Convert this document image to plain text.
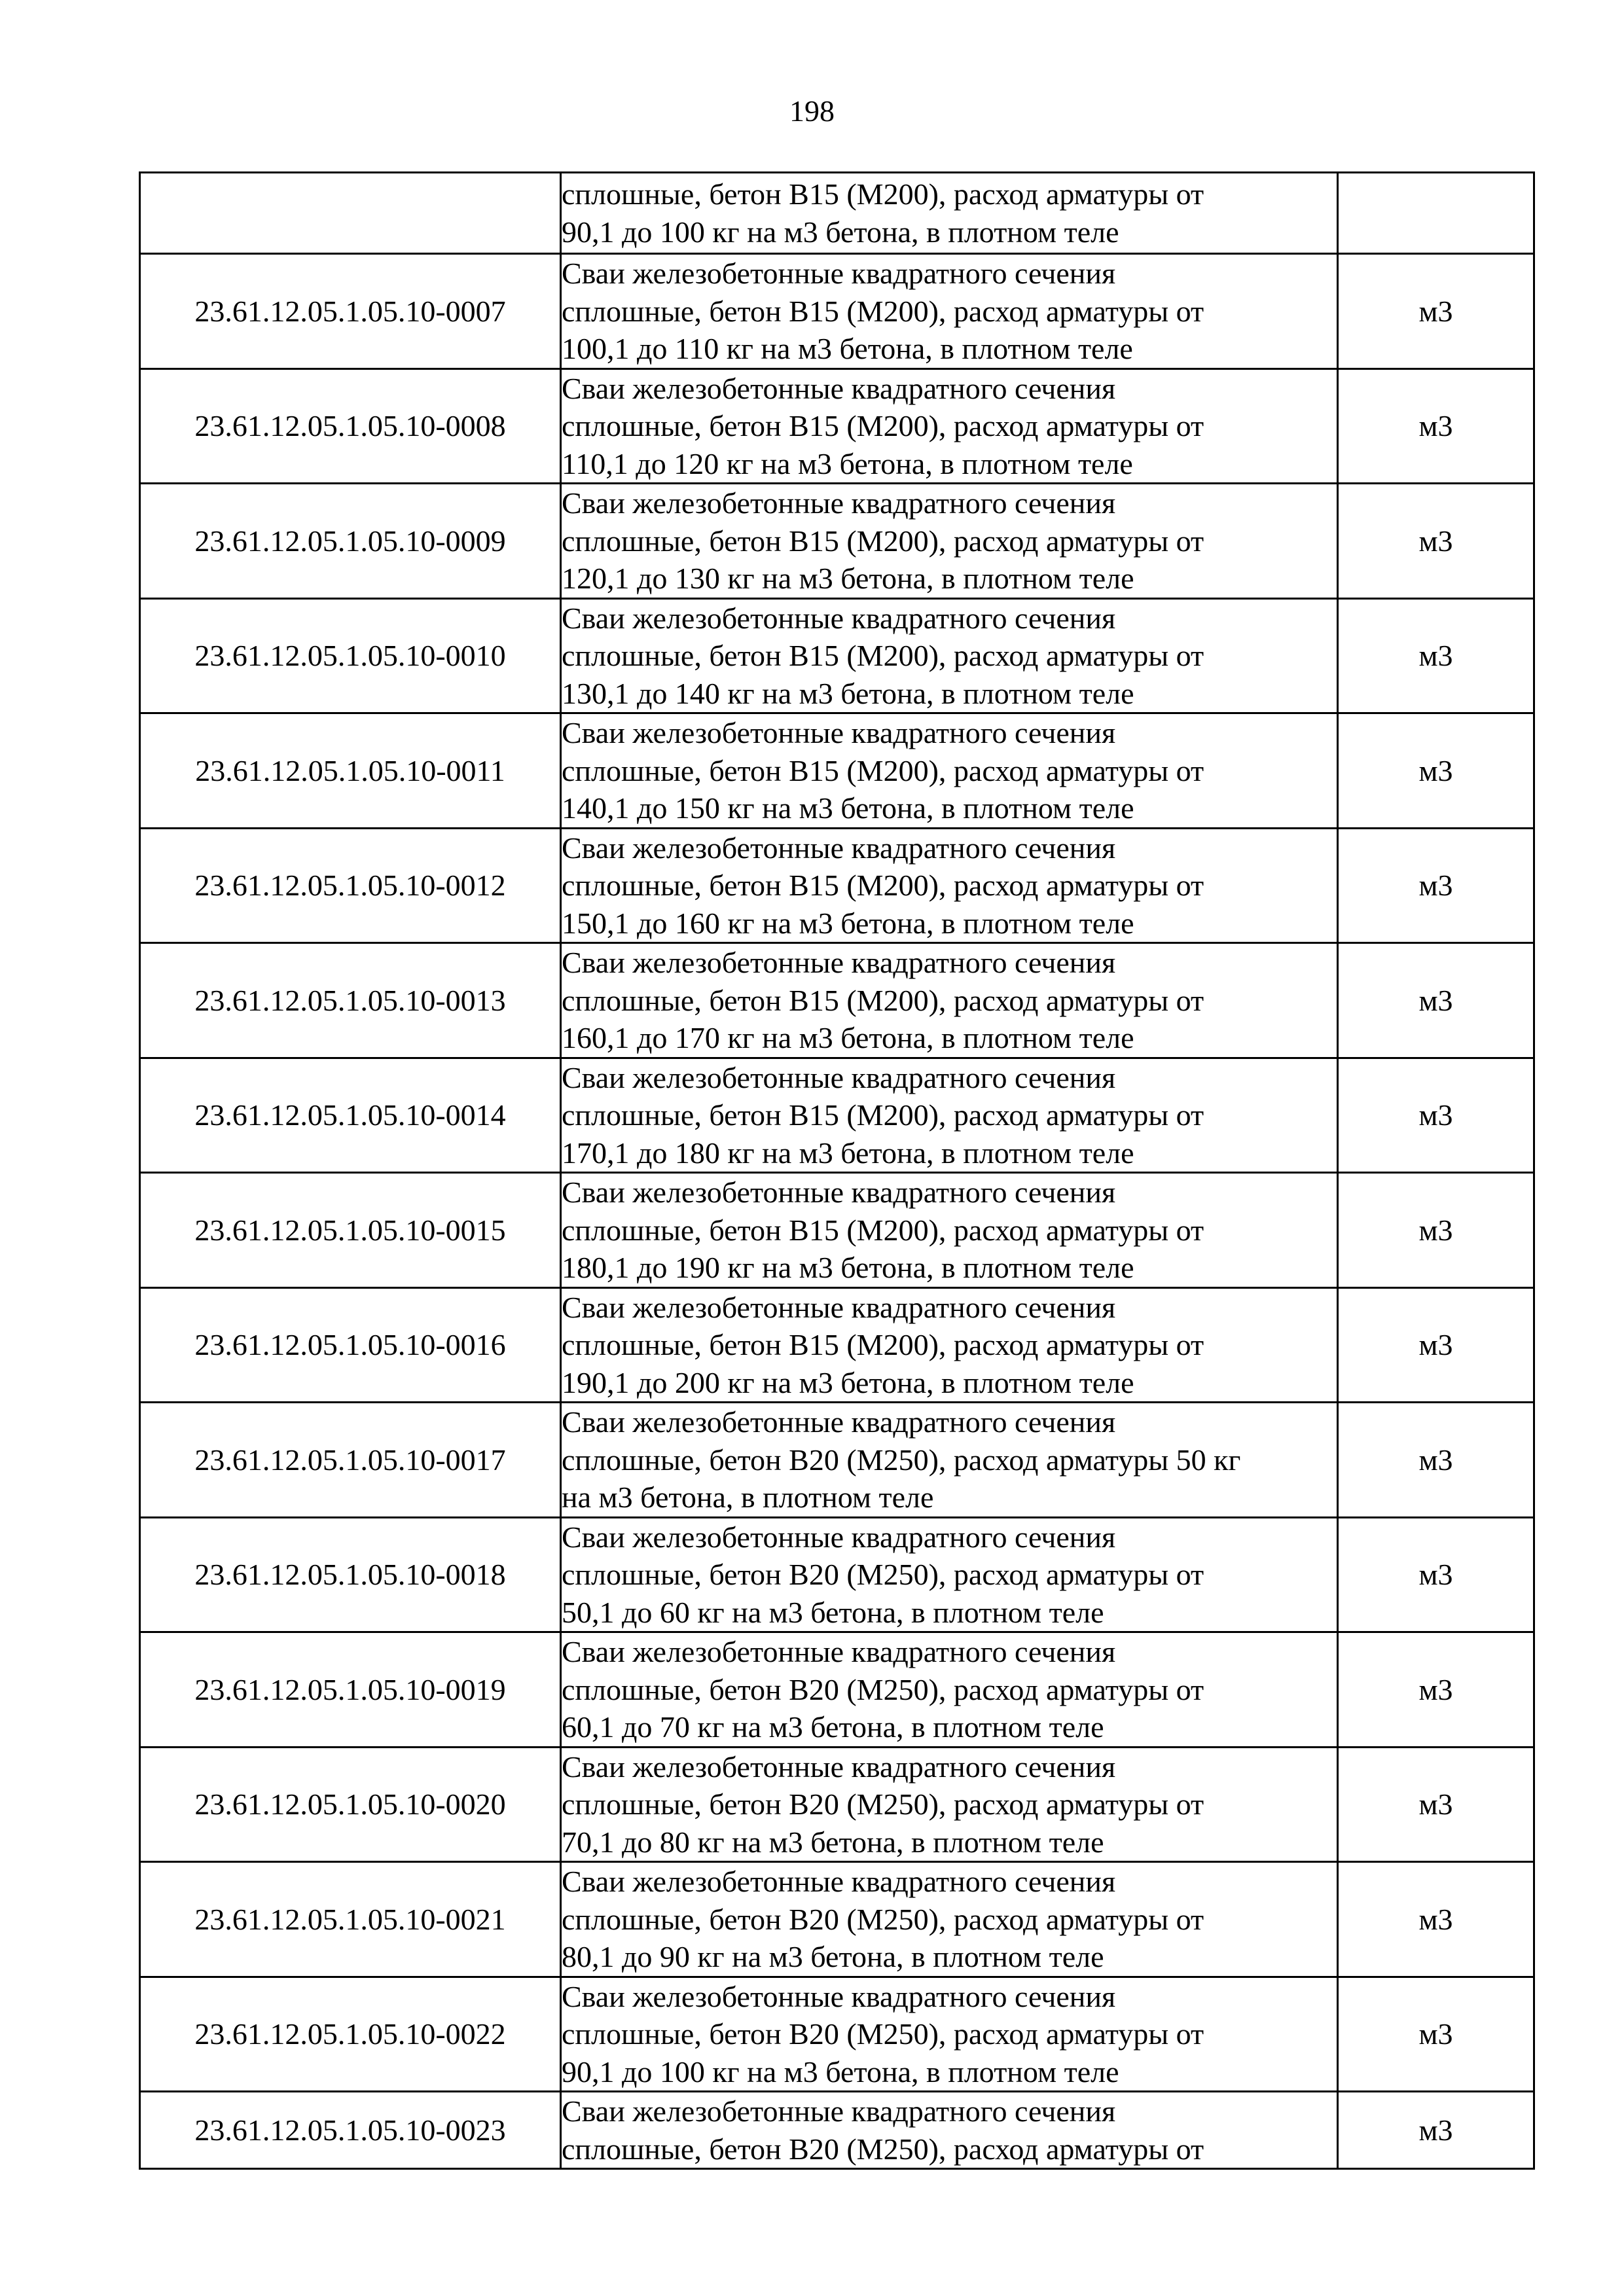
198

	сплошные, бетон В15 (М200), расход арматуры от
90,1 до 100 кг на м3 бетона, в плотном теле	

23.61.12.05.1.05.10-0007	Сваи железобетонные квадратного сечения
сплошные, бетон В15 (М200), расход арматуры от
100,1 до 110 кг на м3 бетона, в плотном теле	м3

23.61.12.05.1.05.10-0008	Сваи железобетонные квадратного сечения
сплошные, бетон В15 (М200), расход арматуры от
110,1 до 120 кг на м3 бетона, в плотном теле	м3

23.61.12.05.1.05.10-0009	Сваи железобетонные квадратного сечения
сплошные, бетон В15 (М200), расход арматуры от
120,1 до 130 кг на м3 бетона, в плотном теле	м3

23.61.12.05.1.05.10-0010	Сваи железобетонные квадратного сечения
сплошные, бетон В15 (М200), расход арматуры от
130,1 до 140 кг на м3 бетона, в плотном теле	м3

23.61.12.05.1.05.10-0011	Сваи железобетонные квадратного сечения
сплошные, бетон В15 (М200), расход арматуры от
140,1 до 150 кг на м3 бетона, в плотном теле	м3

23.61.12.05.1.05.10-0012	Сваи железобетонные квадратного сечения
сплошные, бетон В15 (М200), расход арматуры от
150,1 до 160 кг на м3 бетона, в плотном теле	м3

23.61.12.05.1.05.10-0013	Сваи железобетонные квадратного сечения
сплошные, бетон В15 (М200), расход арматуры от
160,1 до 170 кг на м3 бетона, в плотном теле	м3

23.61.12.05.1.05.10-0014	Сваи железобетонные квадратного сечения
сплошные, бетон В15 (М200), расход арматуры от
170,1 до 180 кг на м3 бетона, в плотном теле	м3

23.61.12.05.1.05.10-0015	Сваи железобетонные квадратного сечения
сплошные, бетон В15 (М200), расход арматуры от
180,1 до 190 кг на м3 бетона, в плотном теле	м3

23.61.12.05.1.05.10-0016	Сваи железобетонные квадратного сечения
сплошные, бетон В15 (М200), расход арматуры от
190,1 до 200 кг на м3 бетона, в плотном теле	м3

23.61.12.05.1.05.10-0017	Сваи железобетонные квадратного сечения
сплошные, бетон В20 (М250), расход арматуры 50 кг
на м3 бетона, в плотном теле	м3

23.61.12.05.1.05.10-0018	Сваи железобетонные квадратного сечения
сплошные, бетон В20 (М250), расход арматуры от
50,1 до 60 кг на м3 бетона, в плотном теле	м3

23.61.12.05.1.05.10-0019	Сваи железобетонные квадратного сечения
сплошные, бетон В20 (М250), расход арматуры от
60,1 до 70 кг на м3 бетона, в плотном теле	м3

23.61.12.05.1.05.10-0020	Сваи железобетонные квадратного сечения
сплошные, бетон В20 (М250), расход арматуры от
70,1 до 80 кг на м3 бетона, в плотном теле	м3

23.61.12.05.1.05.10-0021	Сваи железобетонные квадратного сечения
сплошные, бетон В20 (М250), расход арматуры от
80,1 до 90 кг на м3 бетона, в плотном теле	м3

23.61.12.05.1.05.10-0022	Сваи железобетонные квадратного сечения
сплошные, бетон В20 (М250), расход арматуры от
90,1 до 100 кг на м3 бетона, в плотном теле	м3

23.61.12.05.1.05.10-0023	Сваи железобетонные квадратного сечения
сплошные, бетон В20 (М250), расход арматуры от	м3
